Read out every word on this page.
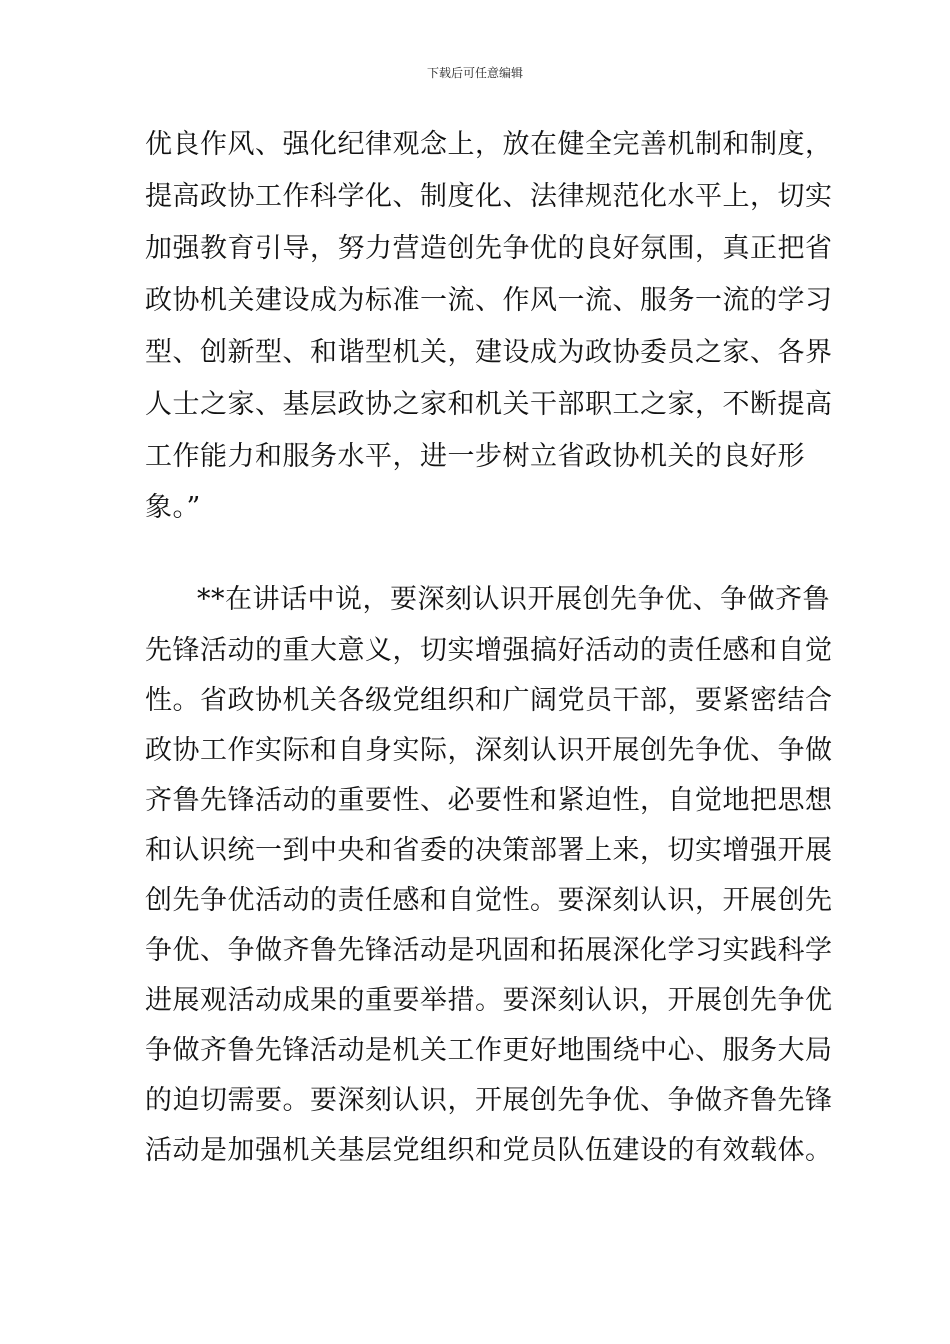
下载后可任意编辑
优良作风、强化纪律观念上，放在健全完善机制和制度，
提高政协工作科学化、制度化、法律规范化水平上，切实
加强教育引导，努力营造创先争优的良好氛围，真正把省
政协机关建设成为标准一流、作风一流、服务一流的学习
型、创新型、和谐型机关，建设成为政协委员之家、各界
人士之家、基层政协之家和机关干部职工之家，不断提高
工作能力和服务水平，进一步树立省政协机关的良好形
象。”
**在讲话中说，要深刻认识开展创先争优、争做齐鲁
先锋活动的重大意义，切实增强搞好活动的责任感和自觉
性。省政协机关各级党组织和广阔党员干部，要紧密结合
政协工作实际和自身实际，深刻认识开展创先争优、争做
齐鲁先锋活动的重要性、必要性和紧迫性，自觉地把思想
和认识统一到中央和省委的决策部署上来，切实增强开展
创先争优活动的责任感和自觉性。要深刻认识，开展创先
争优、争做齐鲁先锋活动是巩固和拓展深化学习实践科学
进展观活动成果的重要举措。要深刻认识，开展创先争优
争做齐鲁先锋活动是机关工作更好地围绕中心、服务大局
的迫切需要。要深刻认识，开展创先争优、争做齐鲁先锋
活动是加强机关基层党组织和党员队伍建设的有效载体。
